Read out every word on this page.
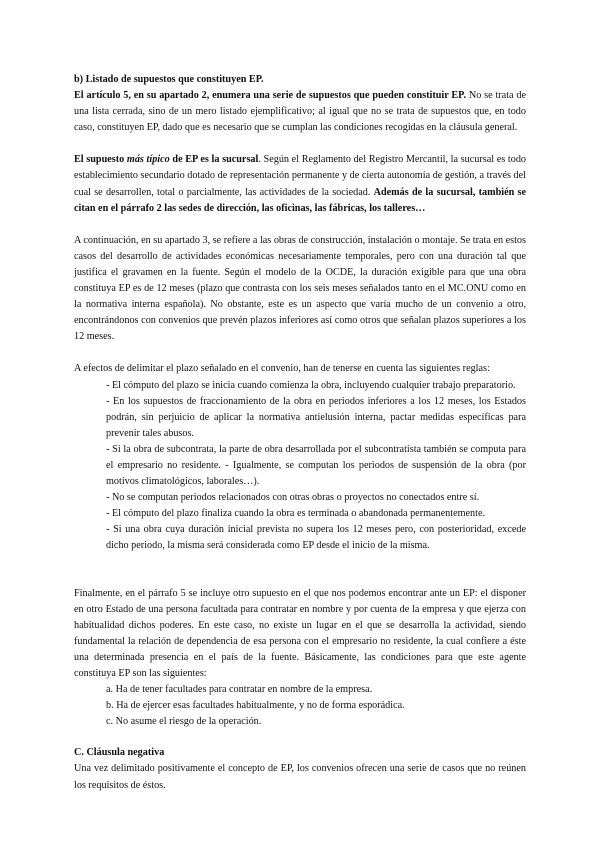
b) Listado de supuestos que constituyen EP.

El artículo 5, en su apartado 2, enumera una serie de supuestos que pueden constituir EP. No se trata de una lista cerrada, sino de un mero listado ejemplificativo; al igual que no se trata de supuestos que, en todo caso, constituyen EP, dado que es necesario que se cumplan las condiciones recogidas en la cláusula general.

El supuesto más típico de EP es la sucursal. Según el Reglamento del Registro Mercantil, la sucursal es todo establecimiento secundario dotado de representación permanente y de cierta autonomía de gestión, a través del cual se desarrollen, total o parcialmente, las actividades de la sociedad. Además de la sucursal, también se citan en el párrafo 2 las sedes de dirección, las oficinas, las fábricas, los talleres…

A continuación, en su apartado 3, se refiere a las obras de construcción, instalación o montaje. Se trata en estos casos del desarrollo de actividades económicas necesariamente temporales, pero con una duración tal que justifica el gravamen en la fuente. Según el modelo de la OCDE, la duración exigible para que una obra constituya EP es de 12 meses (plazo que contrasta con los seis meses señalados tanto en el MC.ONU como en la normativa interna española). No obstante, este es un aspecto que varía mucho de un convenio a otro, encontrándonos con convenios que prevén plazos inferiores así como otros que señalan plazos superiores a los 12 meses.

A efectos de delimitar el plazo señalado en el convenio, han de tenerse en cuenta las siguientes reglas:

- El cómputo del plazo se inicia cuando comienza la obra, incluyendo cualquier trabajo preparatorio.

- En los supuestos de fraccionamiento de la obra en periodos inferiores a los 12 meses, los Estados podrán, sin perjuicio de aplicar la normativa antielusión interna, pactar medidas específicas para prevenir tales abusos.

- Si la obra de subcontrata, la parte de obra desarrollada por el subcontratista también se computa para el empresario no residente. - Igualmente, se computan los periodos de suspensión de la obra (por motivos climatológicos, laborales…).

- No se computan periodos relacionados con otras obras o proyectos no conectados entre sí.

- El cómputo del plazo finaliza cuando la obra es terminada o abandonada permanentemente.

- Si una obra cuya duración inicial prevista no supera los 12 meses pero, con posterioridad, excede dicho periodo, la misma será considerada como EP desde el inicio de la misma.

Finalmente, en el párrafo 5 se incluye otro supuesto en el que nos podemos encontrar ante un EP: el disponer en otro Estado de una persona facultada para contratar en nombre y por cuenta de la empresa y que ejerza con habitualidad dichos poderes. En este caso, no existe un lugar en el que se desarrolla la actividad, siendo fundamental la relación de dependencia de esa persona con el empresario no residente, la cual confiere a éste una determinada presencia en el país de la fuente. Básicamente, las condiciones para que este agente constituya EP son las siguientes:

a. Ha de tener facultades para contratar en nombre de la empresa.

b. Ha de ejercer esas facultades habitualmente, y no de forma esporádica.

c. No asume el riesgo de la operación.

C. Cláusula negativa

Una vez delimitado positivamente el concepto de EP, los convenios ofrecen una serie de casos que no reúnen los requisitos de éstos.
